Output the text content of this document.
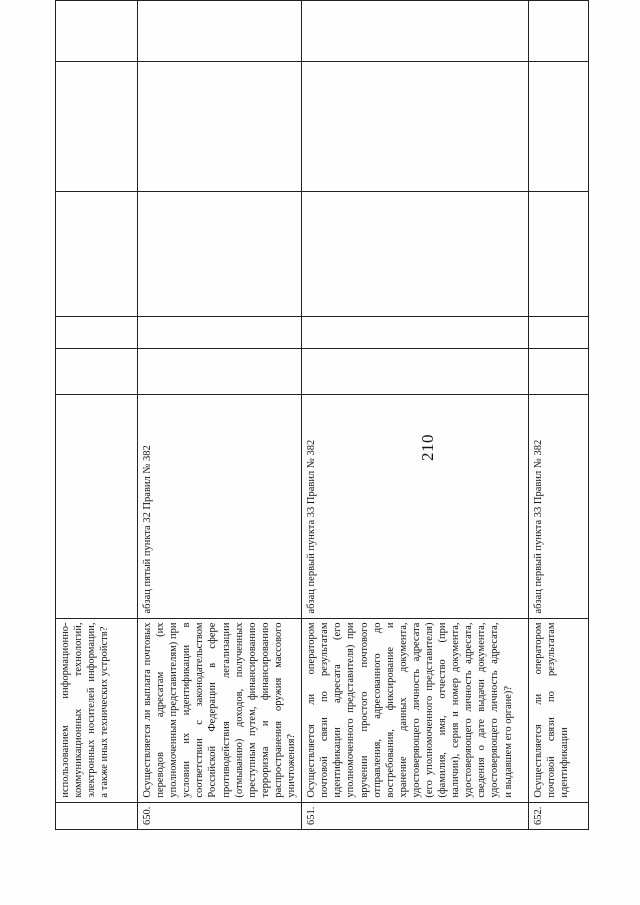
210
	использованием информационно-коммуникационных технологий, электронных носителей информации, а также иных технических устройств?						
650.	Осуществляется ли выплата почтовых переводов адресатам (их уполномоченным представителям) при условии их идентификации в соответствии с законодательством Российской Федерации в сфере противодействия легализации (отмыванию) доходов, полученных преступным путем, финансированию терроризма и финансированию распространения оружия массового уничтожения?	абзац пятый пункта 32 Правил № 382					
651.	Осуществляется ли оператором почтовой связи по результатам идентификации адресата (его уполномоченного представителя) при вручении простого почтового отправления, адресованного до востребования, фиксирование и хранение данных документа, удостоверяющего личность адресата (его уполномоченного представителя) (фамилия, имя, отчество (при наличии), серия и номер документа, удостоверяющего личность адресата, сведения о дате выдачи документа, удостоверяющего личность адресата, и выдавшем его органе)?	абзац первый пункта 33 Правил № 382					
652.	Осуществляется ли оператором почтовой связи по результатам идентификации	абзац первый пункта 33 Правил № 382					
